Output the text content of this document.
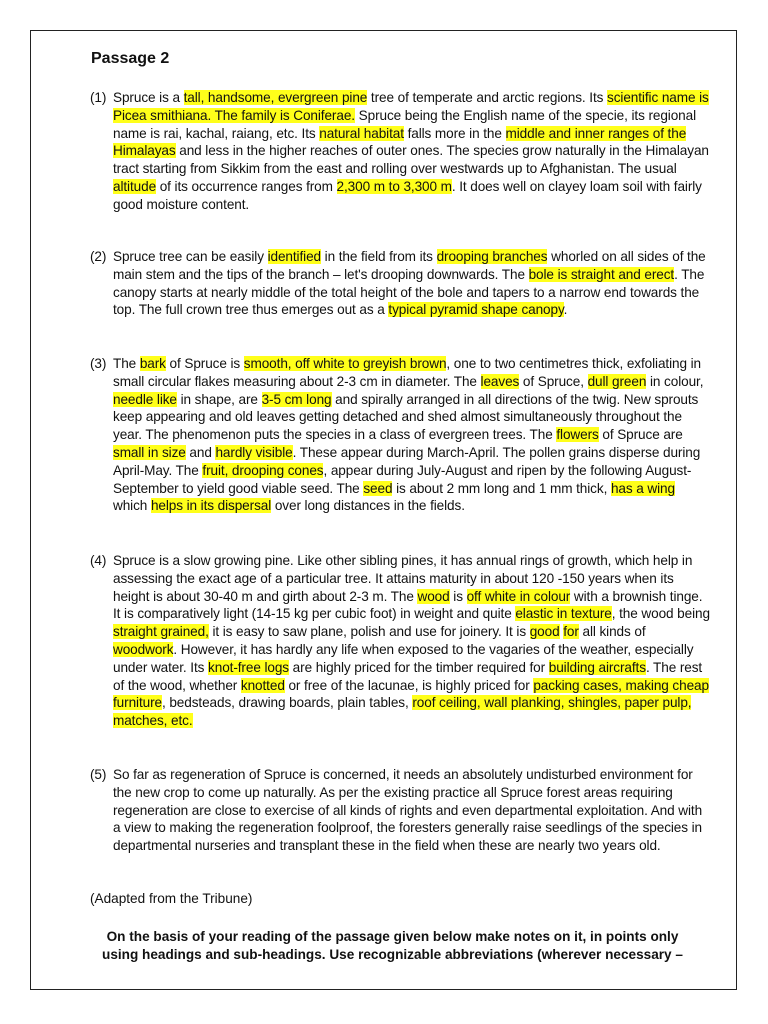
Passage 2
(1) Spruce is a tall, handsome, evergreen pine tree of temperate and arctic regions. Its scientific name is Picea smithiana. The family is Coniferae. Spruce being the English name of the specie, its regional name is rai, kachal, raiang, etc. Its natural habitat falls more in the middle and inner ranges of the Himalayas and less in the higher reaches of outer ones. The species grow naturally in the Himalayan tract starting from Sikkim from the east and rolling over westwards up to Afghanistan. The usual altitude of its occurrence ranges from 2,300 m to 3,300 m. It does well on clayey loam soil with fairly good moisture content.
(2) Spruce tree can be easily identified in the field from its drooping branches whorled on all sides of the main stem and the tips of the branch – let's drooping downwards. The bole is straight and erect. The canopy starts at nearly middle of the total height of the bole and tapers to a narrow end towards the top. The full crown tree thus emerges out as a typical pyramid shape canopy.
(3) The bark of Spruce is smooth, off white to greyish brown, one to two centimetres thick, exfoliating in small circular flakes measuring about 2-3 cm in diameter. The leaves of Spruce, dull green in colour, needle like in shape, are 3-5 cm long and spirally arranged in all directions of the twig. New sprouts keep appearing and old leaves getting detached and shed almost simultaneously throughout the year. The phenomenon puts the species in a class of evergreen trees. The flowers of Spruce are small in size and hardly visible. These appear during March-April. The pollen grains disperse during April-May. The fruit, drooping cones, appear during July-August and ripen by the following August-September to yield good viable seed. The seed is about 2 mm long and 1 mm thick, has a wing which helps in its dispersal over long distances in the fields.
(4) Spruce is a slow growing pine. Like other sibling pines, it has annual rings of growth, which help in assessing the exact age of a particular tree. It attains maturity in about 120 -150 years when its height is about 30-40 m and girth about 2-3 m. The wood is off white in colour with a brownish tinge. It is comparatively light (14-15 kg per cubic foot) in weight and quite elastic in texture, the wood being straight grained, it is easy to saw plane, polish and use for joinery. It is good for all kinds of woodwork. However, it has hardly any life when exposed to the vagaries of the weather, especially under water. Its knot-free logs are highly priced for the timber required for building aircrafts. The rest of the wood, whether knotted or free of the lacunae, is highly priced for packing cases, making cheap furniture, bedsteads, drawing boards, plain tables, roof ceiling, wall planking, shingles, paper pulp, matches, etc.
(5) So far as regeneration of Spruce is concerned, it needs an absolutely undisturbed environment for the new crop to come up naturally. As per the existing practice all Spruce forest areas requiring regeneration are close to exercise of all kinds of rights and even departmental exploitation. And with a view to making the regeneration foolproof, the foresters generally raise seedlings of the species in departmental nurseries and transplant these in the field when these are nearly two years old.
(Adapted from the Tribune)
On the basis of your reading of the passage given below make notes on it, in points only using headings and sub-headings. Use recognizable abbreviations (wherever necessary –
